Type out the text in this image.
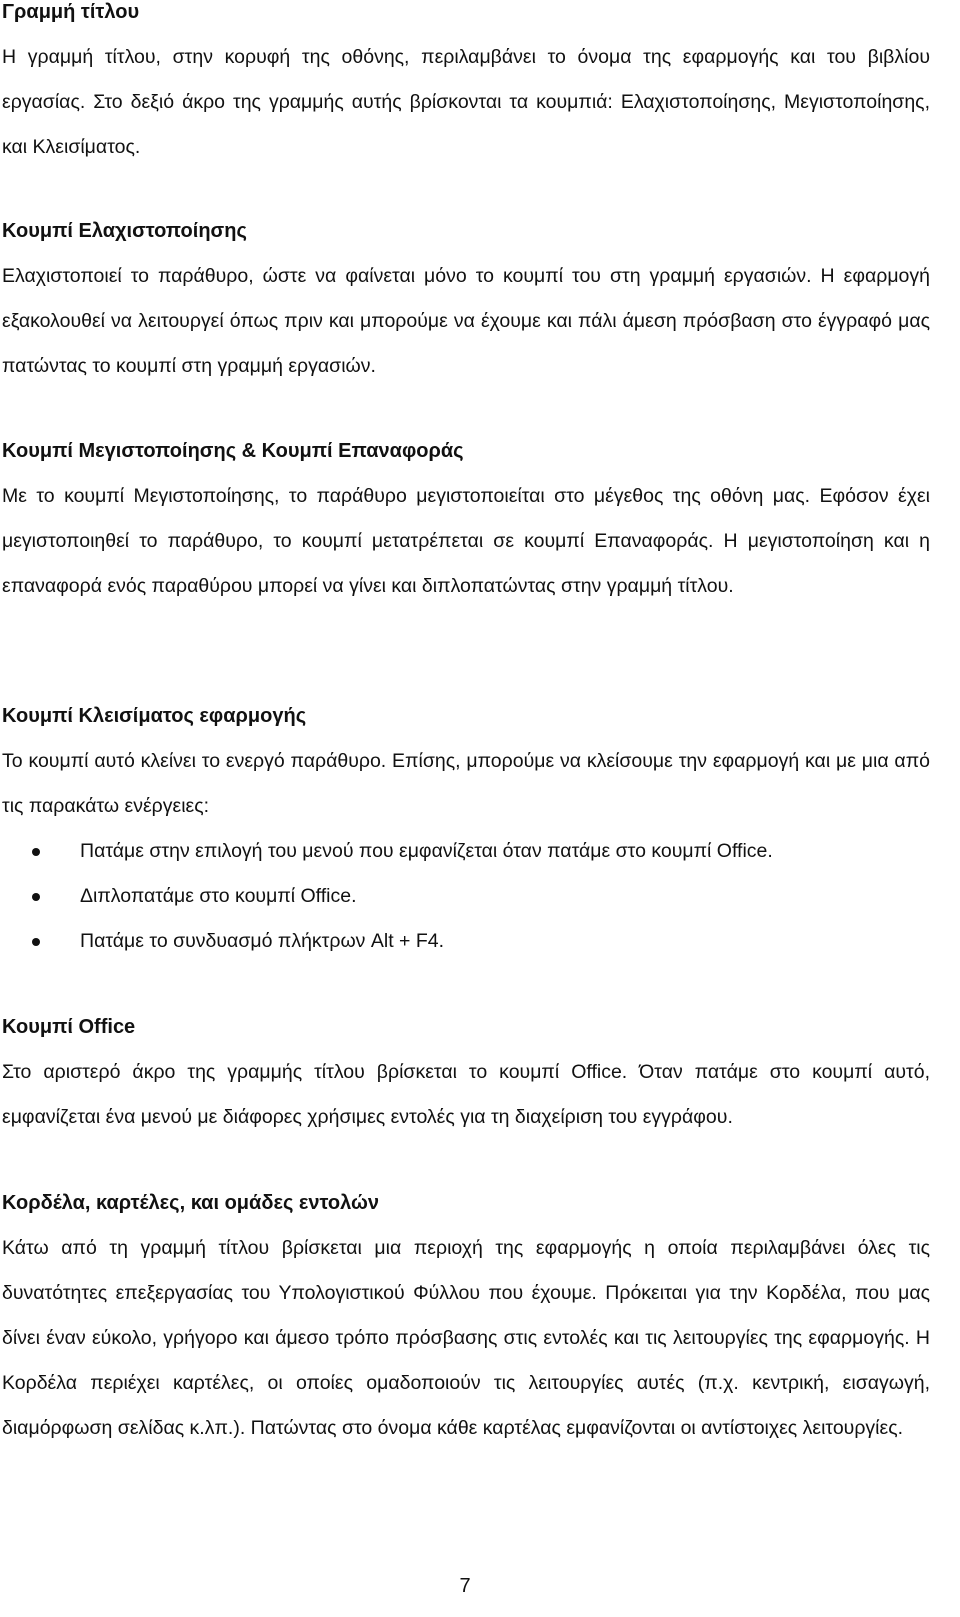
Γραμμή τίτλου

Η γραμμή τίτλου, στην κορυφή της οθόνης, περιλαμβάνει το όνομα της εφαρμογής και του βιβλίου εργασίας. Στο δεξιό άκρο της γραμμής αυτής βρίσκονται τα κουμπιά: Ελαχιστοποίησης, Μεγιστοποίησης, και Κλεισίματος.

Κουμπί Ελαχιστοποίησης

Ελαχιστοποιεί το παράθυρο, ώστε να φαίνεται μόνο το κουμπί του στη γραμμή εργασιών. Η εφαρμογή εξακολουθεί να λειτουργεί όπως πριν και μπορούμε να έχουμε και πάλι άμεση πρόσβαση στο έγγραφό μας πατώντας το κουμπί στη γραμμή εργασιών.

Κουμπί Μεγιστοποίησης & Κουμπί Επαναφοράς

Με το κουμπί Μεγιστοποίησης, το παράθυρο μεγιστοποιείται στο μέγεθος της οθόνη μας. Εφόσον έχει μεγιστοποιηθεί το παράθυρο, το κουμπί μετατρέπεται σε κουμπί Επαναφοράς. Η μεγιστοποίηση και η επαναφορά ενός παραθύρου μπορεί να γίνει και διπλοπατώντας στην γραμμή τίτλου.

Κουμπί Κλεισίματος εφαρμογής

Το κουμπί αυτό κλείνει το ενεργό παράθυρο. Επίσης, μπορούμε να κλείσουμε την εφαρμογή και με μια από τις παρακάτω ενέργειες:

Πατάμε στην επιλογή του μενού που εμφανίζεται όταν πατάμε στο κουμπί Office.
Διπλοπατάμε στο κουμπί Office.
Πατάμε το συνδυασμό πλήκτρων Alt + F4.
Κουμπί Office

Στο αριστερό άκρο της γραμμής τίτλου βρίσκεται το κουμπί Office. Όταν πατάμε στο κουμπί αυτό, εμφανίζεται ένα μενού με διάφορες χρήσιμες εντολές για τη διαχείριση του εγγράφου.

Κορδέλα, καρτέλες, και ομάδες εντολών

Κάτω από τη γραμμή τίτλου βρίσκεται μια περιοχή της εφαρμογής η οποία περιλαμβάνει όλες τις δυνατότητες επεξεργασίας του Υπολογιστικού Φύλλου που έχουμε. Πρόκειται για την Κορδέλα, που μας δίνει έναν εύκολο, γρήγορο και άμεσο τρόπο πρόσβασης στις εντολές και τις λειτουργίες της εφαρμογής. Η Κορδέλα περιέχει καρτέλες, οι οποίες ομαδοποιούν τις λειτουργίες αυτές (π.χ. κεντρική, εισαγωγή, διαμόρφωση σελίδας κ.λπ.). Πατώντας στο όνομα κάθε καρτέλας εμφανίζονται οι αντίστοιχες λειτουργίες.

7
